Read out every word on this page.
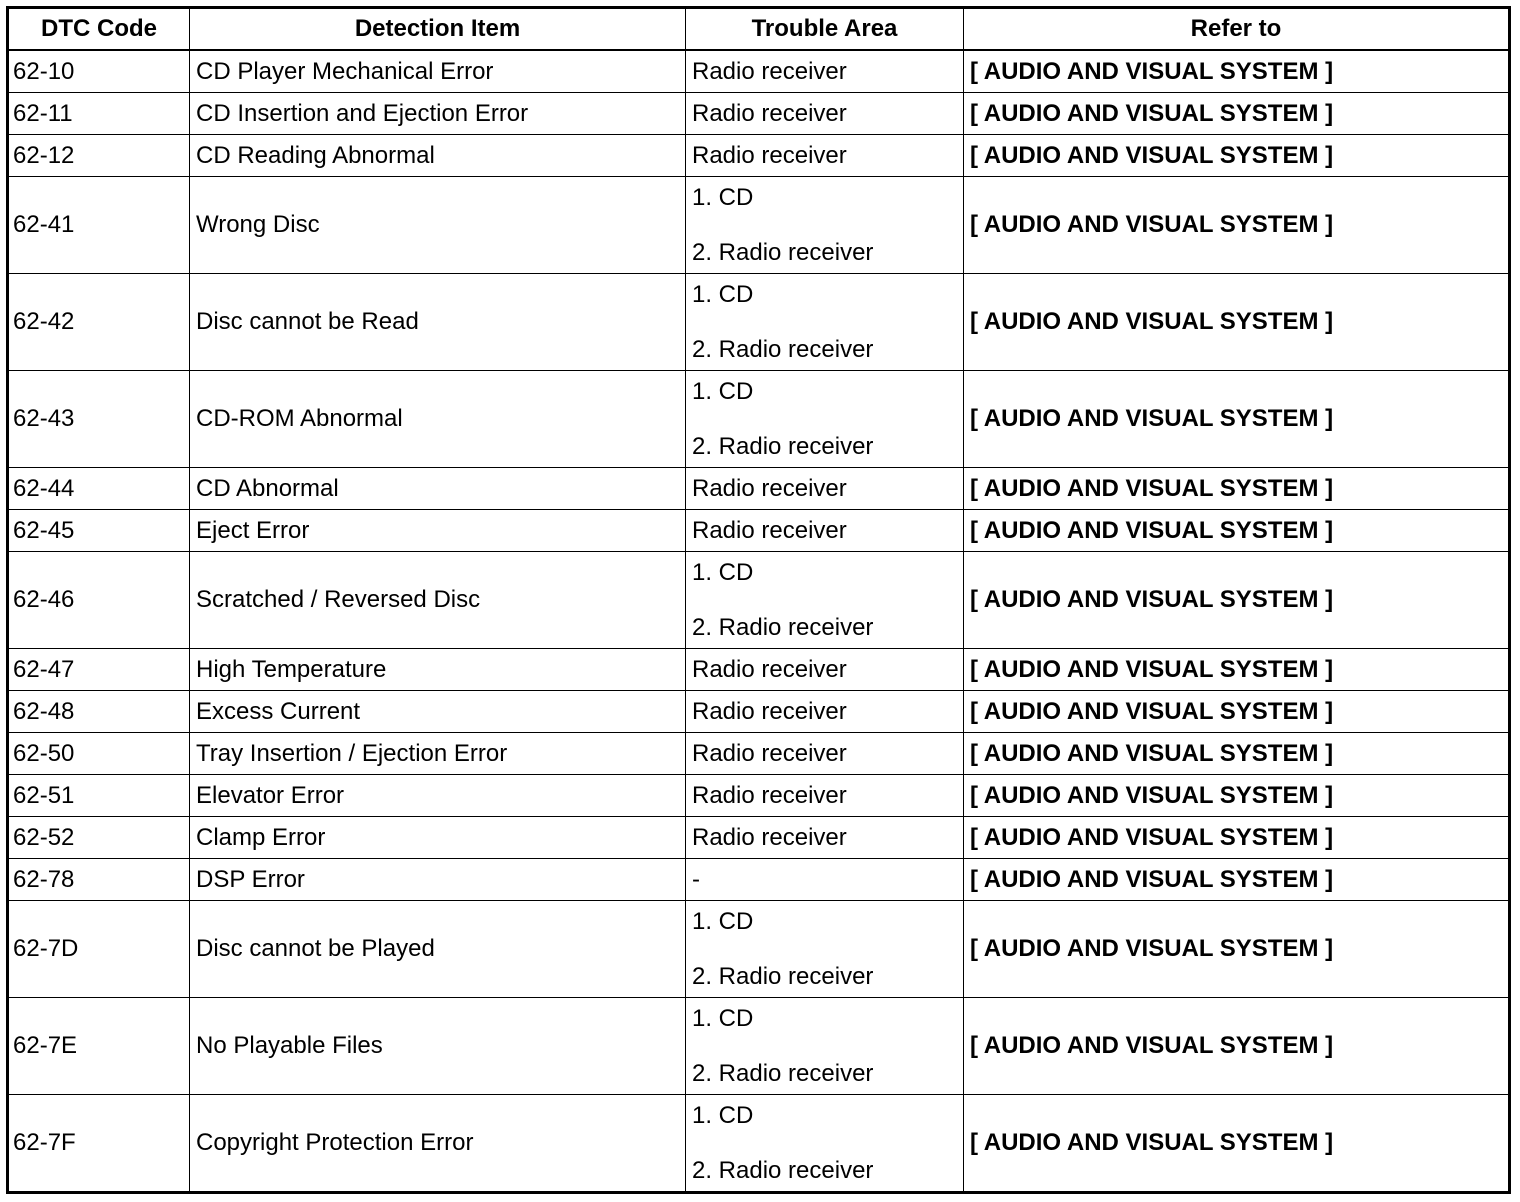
DTC Code	Detection Item	Trouble Area	Refer to
62-10	CD Player Mechanical Error	Radio receiver	[ AUDIO AND VISUAL SYSTEM ]
62-11	CD Insertion and Ejection Error	Radio receiver	[ AUDIO AND VISUAL SYSTEM ]
62-12	CD Reading Abnormal	Radio receiver	[ AUDIO AND VISUAL SYSTEM ]
62-41	Wrong Disc	1. CD
2. Radio receiver	[ AUDIO AND VISUAL SYSTEM ]
62-42	Disc cannot be Read	1. CD
2. Radio receiver	[ AUDIO AND VISUAL SYSTEM ]
62-43	CD-ROM Abnormal	1. CD
2. Radio receiver	[ AUDIO AND VISUAL SYSTEM ]
62-44	CD Abnormal	Radio receiver	[ AUDIO AND VISUAL SYSTEM ]
62-45	Eject Error	Radio receiver	[ AUDIO AND VISUAL SYSTEM ]
62-46	Scratched / Reversed Disc	1. CD
2. Radio receiver	[ AUDIO AND VISUAL SYSTEM ]
62-47	High Temperature	Radio receiver	[ AUDIO AND VISUAL SYSTEM ]
62-48	Excess Current	Radio receiver	[ AUDIO AND VISUAL SYSTEM ]
62-50	Tray Insertion / Ejection Error	Radio receiver	[ AUDIO AND VISUAL SYSTEM ]
62-51	Elevator Error	Radio receiver	[ AUDIO AND VISUAL SYSTEM ]
62-52	Clamp Error	Radio receiver	[ AUDIO AND VISUAL SYSTEM ]
62-78	DSP Error	-	[ AUDIO AND VISUAL SYSTEM ]
62-7D	Disc cannot be Played	1. CD
2. Radio receiver	[ AUDIO AND VISUAL SYSTEM ]
62-7E	No Playable Files	1. CD
2. Radio receiver	[ AUDIO AND VISUAL SYSTEM ]
62-7F	Copyright Protection Error	1. CD
2. Radio receiver	[ AUDIO AND VISUAL SYSTEM ]
